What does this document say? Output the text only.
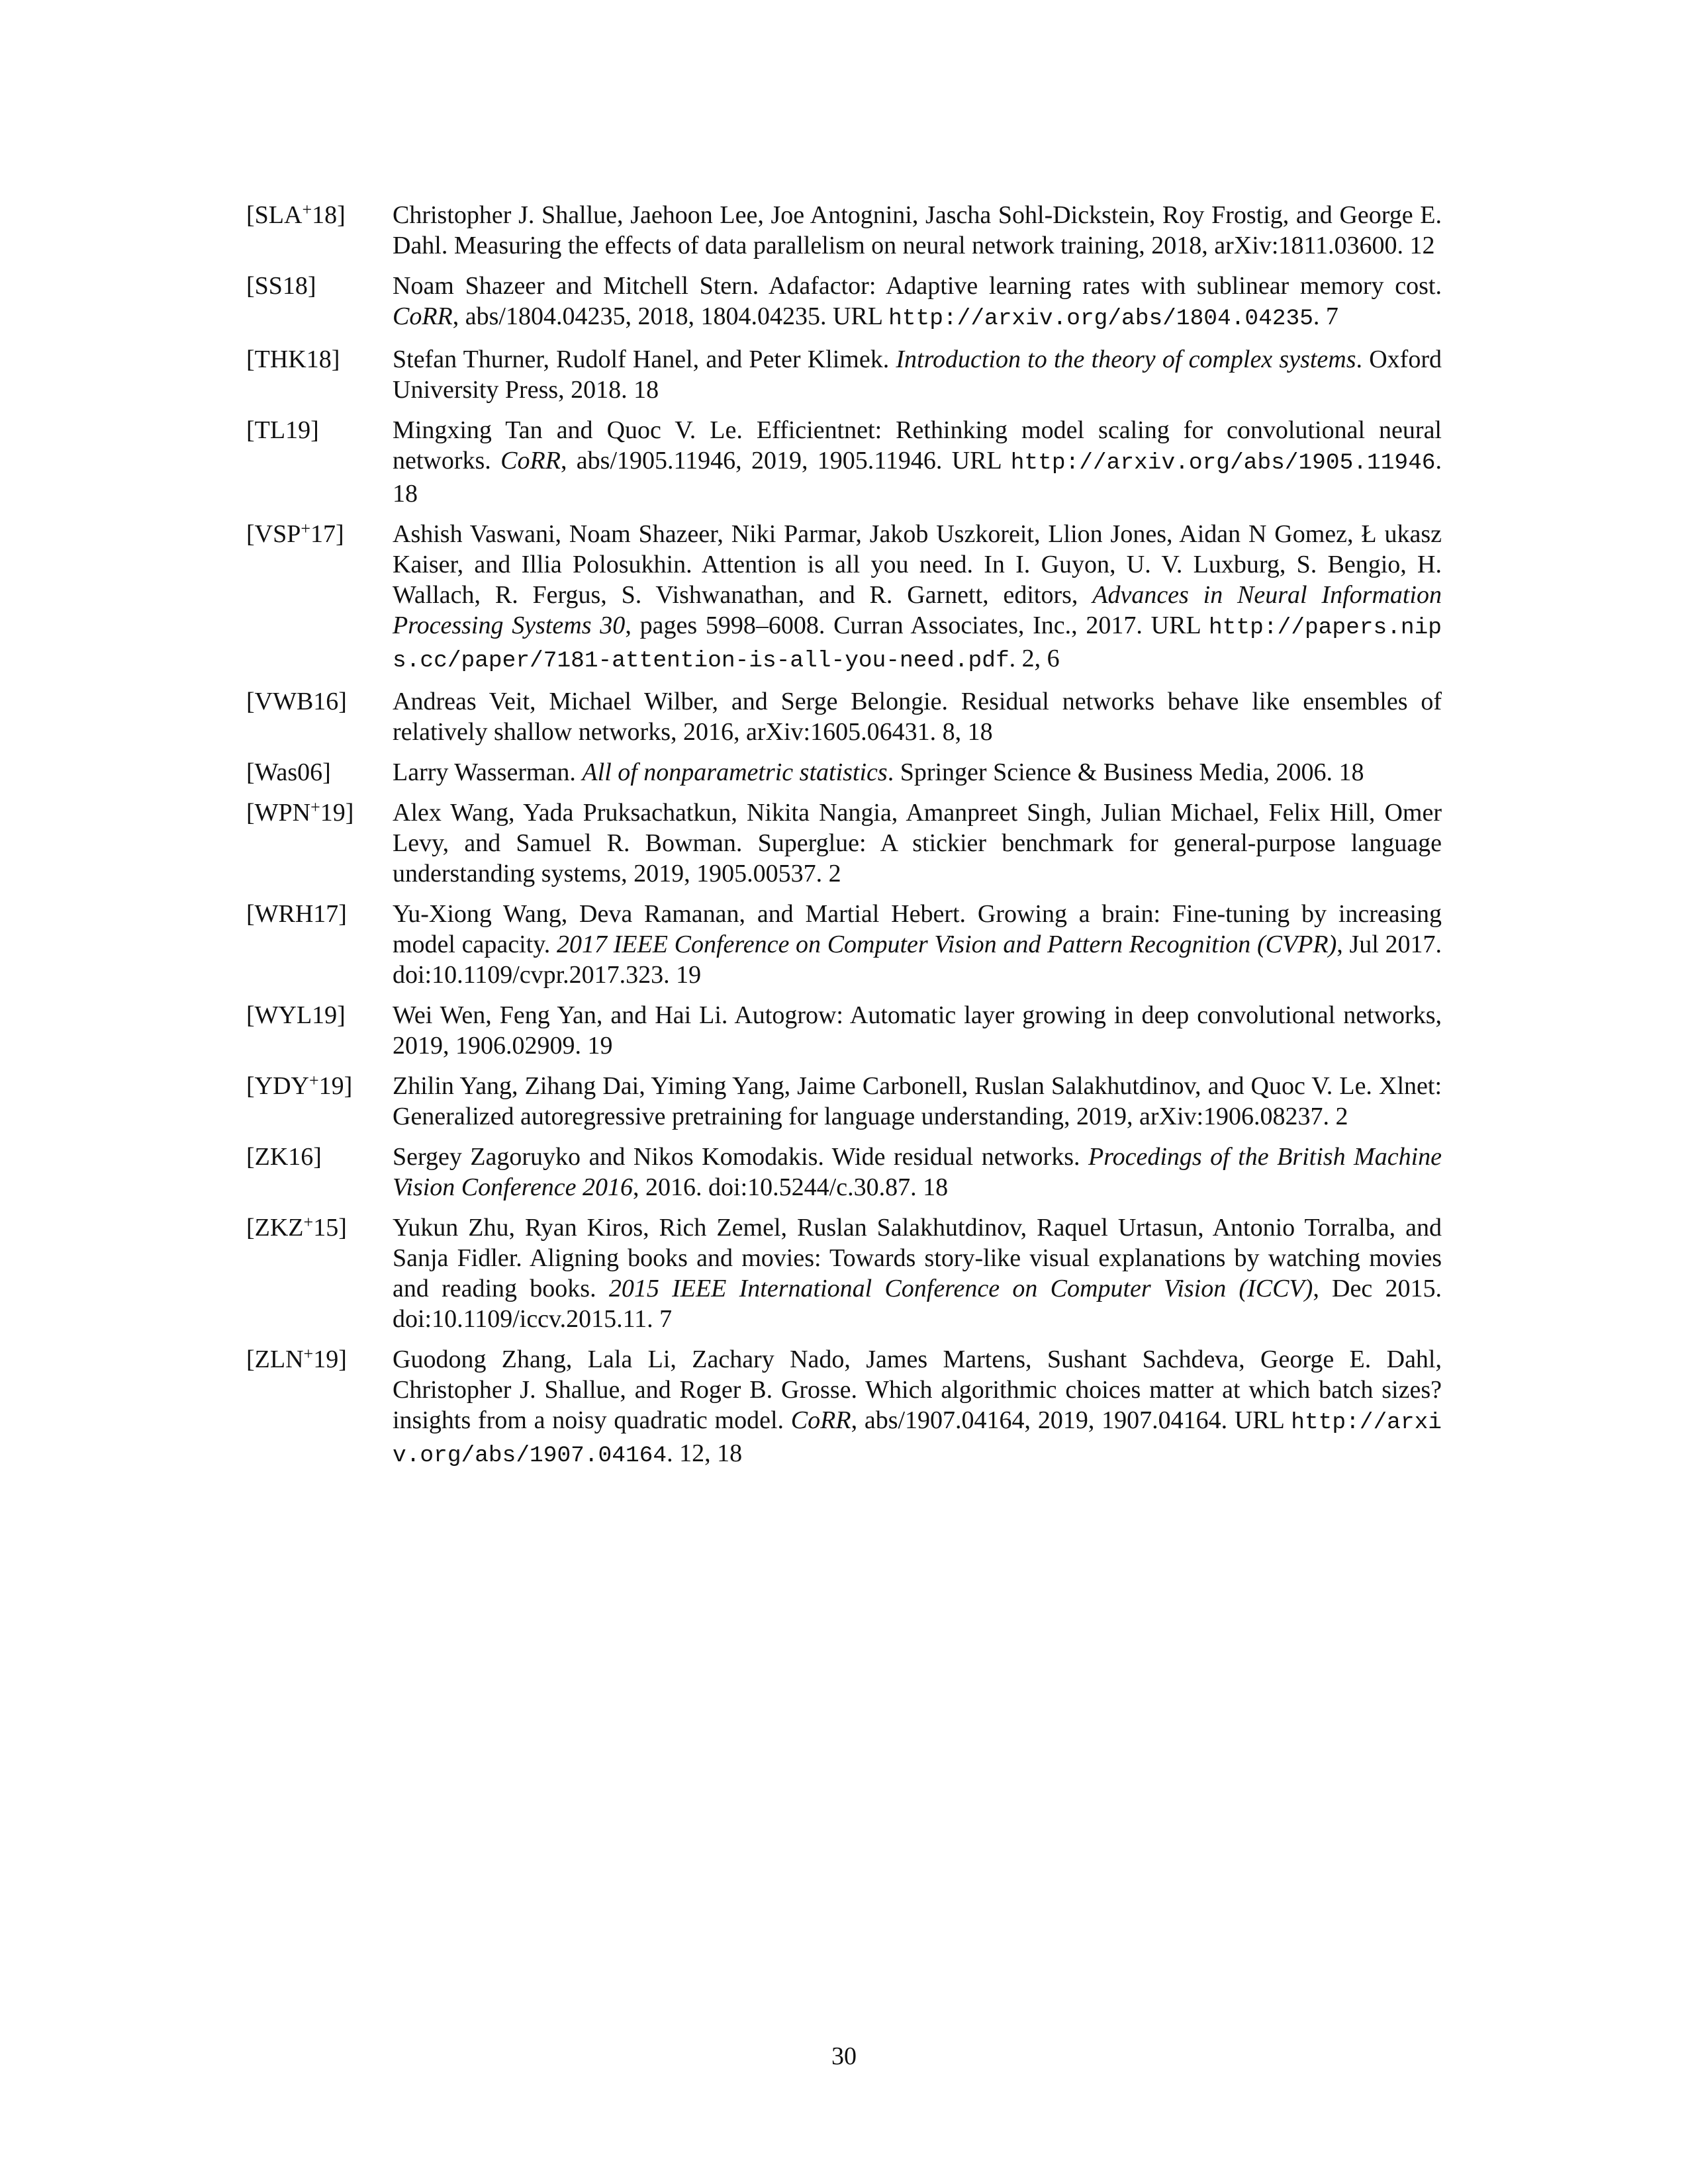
[SLA+18]	Christopher J. Shallue, Jaehoon Lee, Joe Antognini, Jascha Sohl-Dickstein, Roy Frostig, and George E. Dahl. Measuring the effects of data parallelism on neural network training, 2018, arXiv:1811.03600. 12
[SS18]	Noam Shazeer and Mitchell Stern. Adafactor: Adaptive learning rates with sublinear memory cost. CoRR, abs/1804.04235, 2018, 1804.04235. URL http://arxiv.org/abs/1804.04235. 7
[THK18]	Stefan Thurner, Rudolf Hanel, and Peter Klimek. Introduction to the theory of complex systems. Oxford University Press, 2018. 18
[TL19]	Mingxing Tan and Quoc V. Le. Efficientnet: Rethinking model scaling for convolutional neural networks. CoRR, abs/1905.11946, 2019, 1905.11946. URL http://arxiv.org/abs/1905.11946. 18
[VSP+17]	Ashish Vaswani, Noam Shazeer, Niki Parmar, Jakob Uszkoreit, Llion Jones, Aidan N Gomez, Ł ukasz Kaiser, and Illia Polosukhin. Attention is all you need. In I. Guyon, U. V. Luxburg, S. Bengio, H. Wallach, R. Fergus, S. Vishwanathan, and R. Garnett, editors, Advances in Neural Information Processing Systems 30, pages 5998–6008. Curran Associates, Inc., 2017. URL http://papers.nips.cc/paper/7181-attention-is-all-you-need.pdf. 2, 6
[VWB16]	Andreas Veit, Michael Wilber, and Serge Belongie. Residual networks behave like ensembles of relatively shallow networks, 2016, arXiv:1605.06431. 8, 18
[Was06]	Larry Wasserman. All of nonparametric statistics. Springer Science & Business Media, 2006. 18
[WPN+19]	Alex Wang, Yada Pruksachatkun, Nikita Nangia, Amanpreet Singh, Julian Michael, Felix Hill, Omer Levy, and Samuel R. Bowman. Superglue: A stickier benchmark for general-purpose language understanding systems, 2019, 1905.00537. 2
[WRH17]	Yu-Xiong Wang, Deva Ramanan, and Martial Hebert. Growing a brain: Fine-tuning by increasing model capacity. 2017 IEEE Conference on Computer Vision and Pattern Recognition (CVPR), Jul 2017. doi:10.1109/cvpr.2017.323. 19
[WYL19]	Wei Wen, Feng Yan, and Hai Li. Autogrow: Automatic layer growing in deep convolutional networks, 2019, 1906.02909. 19
[YDY+19]	Zhilin Yang, Zihang Dai, Yiming Yang, Jaime Carbonell, Ruslan Salakhutdinov, and Quoc V. Le. Xlnet: Generalized autoregressive pretraining for language understanding, 2019, arXiv:1906.08237. 2
[ZK16]	Sergey Zagoruyko and Nikos Komodakis. Wide residual networks. Procedings of the British Machine Vision Conference 2016, 2016. doi:10.5244/c.30.87. 18
[ZKZ+15]	Yukun Zhu, Ryan Kiros, Rich Zemel, Ruslan Salakhutdinov, Raquel Urtasun, Antonio Torralba, and Sanja Fidler. Aligning books and movies: Towards story-like visual explanations by watching movies and reading books. 2015 IEEE International Conference on Computer Vision (ICCV), Dec 2015. doi:10.1109/iccv.2015.11. 7
[ZLN+19]	Guodong Zhang, Lala Li, Zachary Nado, James Martens, Sushant Sachdeva, George E. Dahl, Christopher J. Shallue, and Roger B. Grosse. Which algorithmic choices matter at which batch sizes? insights from a noisy quadratic model. CoRR, abs/1907.04164, 2019, 1907.04164. URL http://arxiv.org/abs/1907.04164. 12, 18
30
